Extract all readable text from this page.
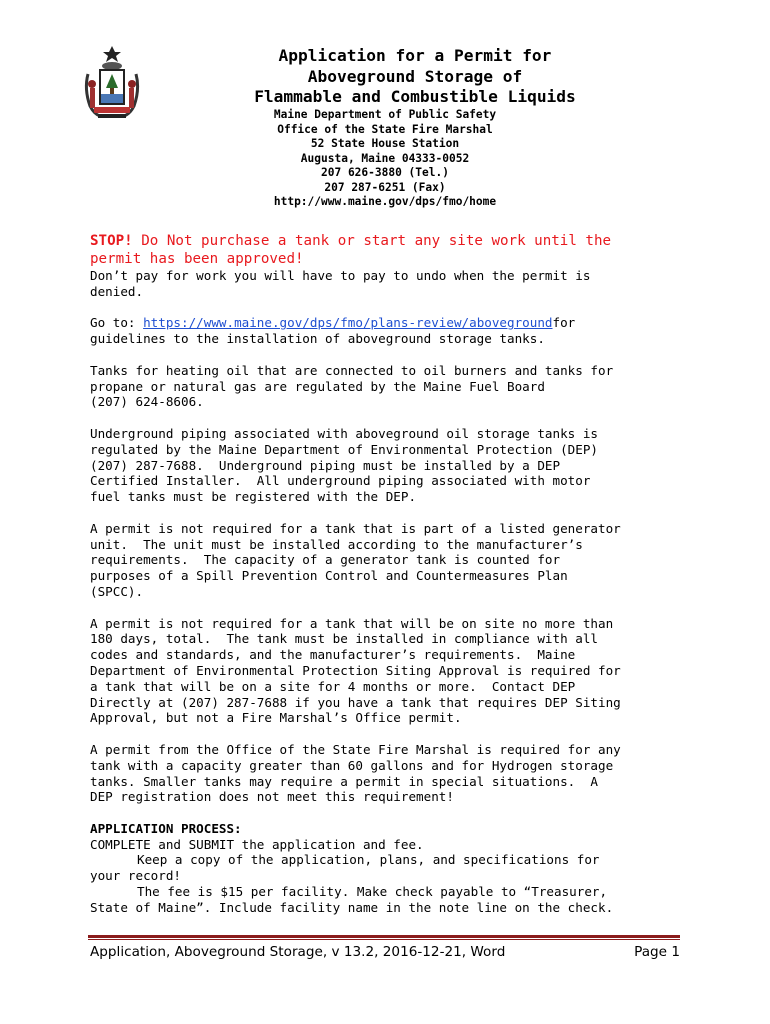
Application for a Permit for
Aboveground Storage of
Flammable and Combustible Liquids
Maine Department of Public Safety
Office of the State Fire Marshal
52 State House Station
Augusta, Maine 04333-0052
207 626-3880 (Tel.)
207 287-6251 (Fax)
http://www.maine.gov/dps/fmo/home

STOP! Do Not purchase a tank or start any site work until the

permit has been approved!

Don’t pay for work you will have to pay to undo when the permit is
denied.

Go to: https://www.maine.gov/dps/fmo/plans-review/abovegroundfor
guidelines to the installation of aboveground storage tanks.

Tanks for heating oil that are connected to oil burners and tanks for
propane or natural gas are regulated by the Maine Fuel Board
(207) 624-8606.

Underground piping associated with aboveground oil storage tanks is
regulated by the Maine Department of Environmental Protection (DEP)
(207) 287-7688.  Underground piping must be installed by a DEP
Certified Installer.  All underground piping associated with motor
fuel tanks must be registered with the DEP.

A permit is not required for a tank that is part of a listed generator
unit.  The unit must be installed according to the manufacturer’s
requirements.  The capacity of a generator tank is counted for
purposes of a Spill Prevention Control and Countermeasures Plan
(SPCC).

A permit is not required for a tank that will be on site no more than
180 days, total.  The tank must be installed in compliance with all
codes and standards, and the manufacturer’s requirements.  Maine
Department of Environmental Protection Siting Approval is required for
a tank that will be on a site for 4 months or more.  Contact DEP
Directly at (207) 287-7688 if you have a tank that requires DEP Siting
Approval, but not a Fire Marshal’s Office permit.

A permit from the Office of the State Fire Marshal is required for any
tank with a capacity greater than 60 gallons and for Hydrogen storage
tanks. Smaller tanks may require a permit in special situations.  A
DEP registration does not meet this requirement!

APPLICATION PROCESS:
COMPLETE and SUBMIT the application and fee.
Keep a copy of the application, plans, and specifications for
your record!
The fee is $15 per facility. Make check payable to “Treasurer,
State of Maine”. Include facility name in the note line on the check.
Application, Aboveground Storage, v 13.2, 2016-12-21, Word	Page 1
